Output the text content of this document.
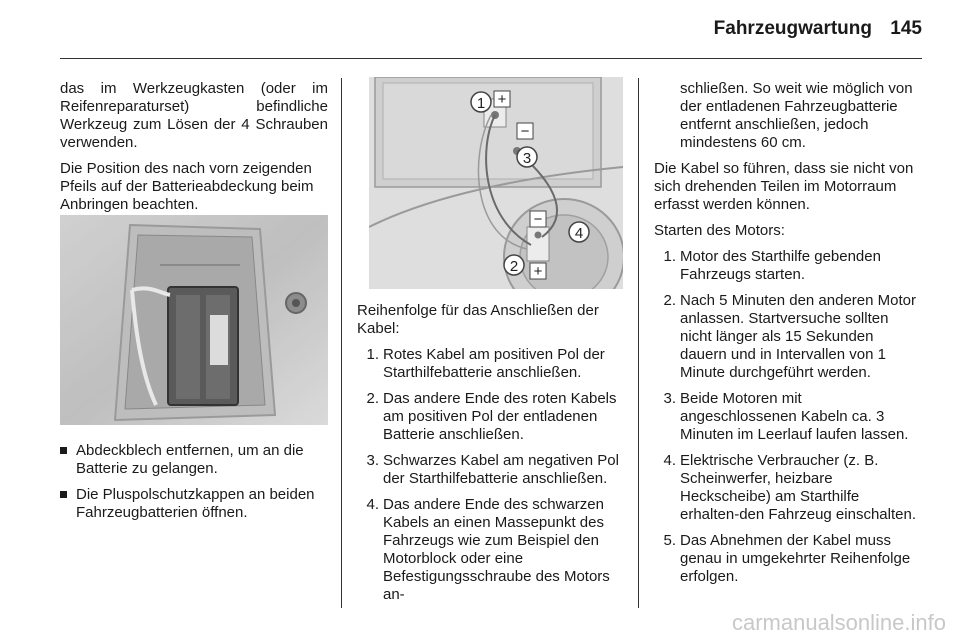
Fahrzeugwartung 145

das im Werkzeugkasten (oder im Reifenreparaturset) befindliche Werkzeug zum Lösen der 4 Schrauben verwenden.

Die Position des nach vorn zeigenden Pfeils auf der Batterieabdeckung beim Anbringen beachten.

Abdeckblech entfernen, um an die Batterie zu gelangen.
Die Pluspolschutzkappen an beiden Fahrzeugbatterien öffnen.
1 +
−
3
−
4
2 +

Reihenfolge für das Anschließen der Kabel:

1. Rotes Kabel am positiven Pol der Starthilfebatterie anschließen.
2. Das andere Ende des roten Kabels am positiven Pol der entladenen Batterie anschließen.
3. Schwarzes Kabel am negativen Pol der Starthilfebatterie anschließen.
4. Das andere Ende des schwarzen Kabels an einen Massepunkt des Fahrzeugs wie zum Beispiel den Motorblock oder eine Befestigungsschraube des Motors an-

schließen. So weit wie möglich von der entladenen Fahrzeugbatterie entfernt anschließen, jedoch mindestens 60 cm.

Die Kabel so führen, dass sie nicht von sich drehenden Teilen im Motorraum erfasst werden können.

Starten des Motors:

1. Motor des Starthilfe gebenden Fahrzeugs starten.
2. Nach 5 Minuten den anderen Motor anlassen. Startversuche sollten nicht länger als 15 Sekunden dauern und in Intervallen von 1 Minute durchgeführt werden.
3. Beide Motoren mit angeschlossenen Kabeln ca. 3 Minuten im Leerlauf laufen lassen.
4. Elektrische Verbraucher (z. B. Scheinwerfer, heizbare Heckscheibe) am Starthilfe erhalten-den Fahrzeug einschalten.
5. Das Abnehmen der Kabel muss genau in umgekehrter Reihenfolge erfolgen.
carmanualsonline.info
